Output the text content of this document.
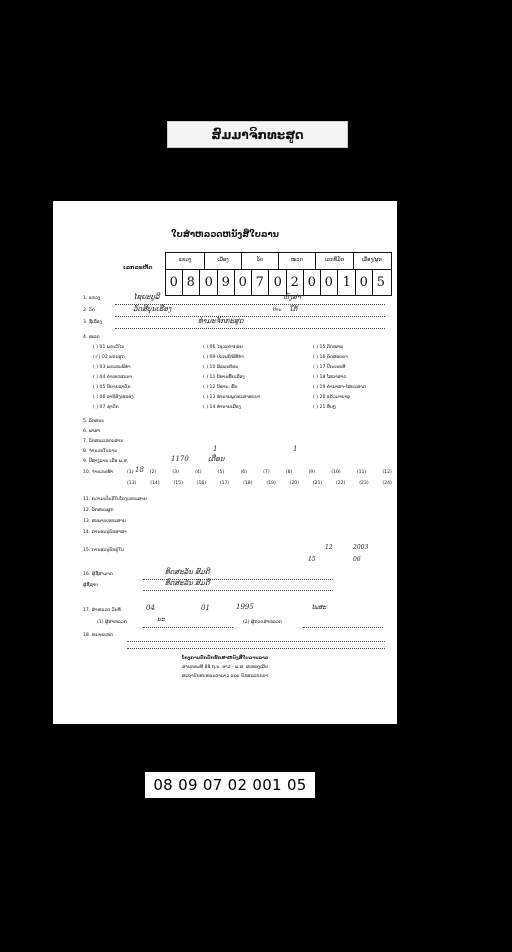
ສົມມາຈິກທະສູດ
ໃບສຳຫລວດຫນັງສືໃບລານ
ເລກລະຫັດ
ແຂວງ	ເມືອງ	ວັດ	ໝວດ	ເລກທີ່ມັດ	ເລື່ອງ/ຜູກ
0 8 0 9 0 7 0 2 0 0 1 0 5
1. ແຂວງ	ໄຊຍະບູລີ	ຫົງສາ
2. ວັດ	ວັດສີບຸນເຮືອງ	ບ້ານ ໃຕ້
3. ຊື່ເລື່ອງ	ທຳມະຈັກກະສູດ
4. ໝວດ
( ) 01 ພຣະວິໄນ	( ) 06 ໄຊວະຄຳກອນ	( ) 15 ກົດໝາຍ
(✓) 02 ພຣະສູດ	( ) 09 ປະເພນີ/ພິທີກຳ	( ) 16 ຄັດສອບຍາ
( ) 03 ພຣະອະພິທຳ	( ) 10 ພິແພນຕ້ອນ	( ) 17 ປີເນເນຍທີ
( ) 04 ຄຳເທດສະນາ	( ) 11 ນິທານພື້ນເມືອງ	( ) 18 ໂສລາສາດ
( ) 05 ນິຍາຍຊາດົກ	( ) 12 ນິທານ, ພິ້ນ	( ) 19 ຄຳພາສາ-ໄສຍະສາດ
( ) 06 ອານິສົງ/ສລອງ	( ) 13 ທຳນານພຸດທະສາສະນາ	( ) 20 ແລ້ວມາຍາອຸ
( ) 07 ຊາດົກ	( ) 14 ທຳນານເມືອງ	( ) 21 ອື່ນໆ
5. ລັກສນະ
6. ພາສາ
7. ລັກສນະເອກະສານ
8. ຈຳນວນໃບລານ	1	1
9. ປີສາງລານ ເມື່ອ ພ.ສ.	1170	ເດືອນ
10. ຈຳນວນໜ້າ	18
(1)	(2)	(3)	(4)	(5)	(6)	(7)	(8)	(9)	(10)	(11)	(12)
(13)	(14)	(15)	(16)	(17)	(18)	(19)	(20)	(21)	(22)	(23)	(24)
11. ຄວາມເປັນມີໃບໂຄງເອກະສານ
12. ລັກສນະຜູກ
13. ສະພາບເອກະສານ
14. ການອະນຸລັກສາສາ
15. ການອະນຸລັກຢູ່ໃນ	12	2003
15	06
16. ຜູ້ຊື່ສາມາດ	ທິດສະລັນ ສົມດີ
ຜູ້ຊື່ຊາບ	ທິດສະລັນ ສົມດີ
17. ສຳຫລວດ ວັນທີ	04	01	1995
(1) ຜູ້ສຳຫລວດ	ນະ	(2) ຜູ້ກວດສຳຫລວດ
ໄພສະ
18. ຫມາຍເຫດ
ໂຄງການປົກປັກຮັກສາຫນັງສືໃບລານລາວ
ສານກອມທີ 88 ຖ.ນ. ອາວ - ພ.ສ. ສະທອງເລີນ
ສະຖາບັນສະຫລະດາລາວ ແລະ ນັກສະແກກລາ
08 09 07 02 001 05
